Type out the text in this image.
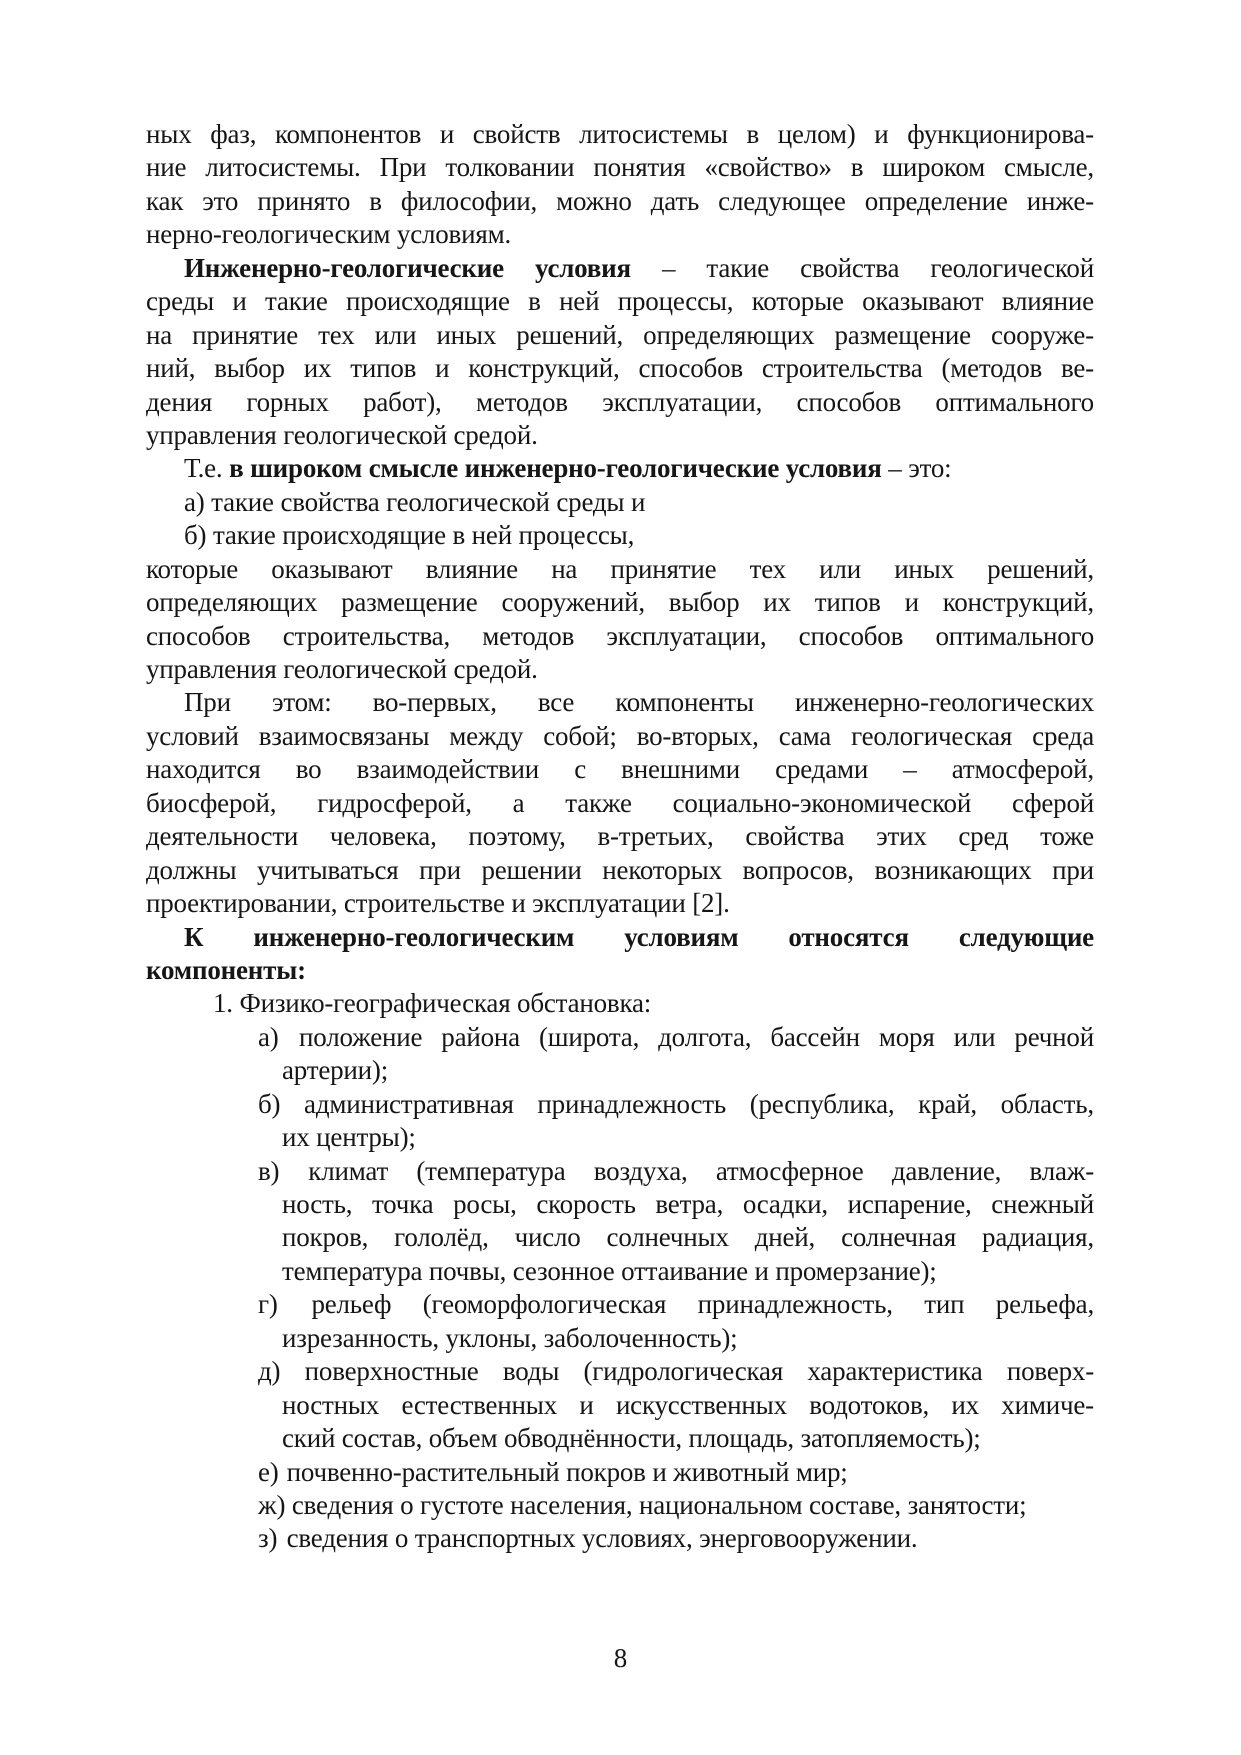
ных фаз, компонентов и свойств литосистемы в целом) и функционирова-
ние литосистемы. При толковании понятия «свойство» в широком смысле,
как это принято в философии, можно дать следующее определение инже-
нерно-геологическим условиям.
Инженерно-геологические условия – такие свойства геологической
среды и такие происходящие в ней процессы, которые оказывают влияние
на принятие тех или иных решений, определяющих размещение сооруже-
ний, выбор их типов и конструкций, способов строительства (методов ве-
дения горных работ), методов эксплуатации, способов оптимального
управления геологической средой.
Т.е. в широком смысле инженерно-геологические условия – это:
а) такие свойства геологической среды и
б) такие происходящие в ней процессы,
которые оказывают влияние на принятие тех или иных решений,
определяющих размещение сооружений, выбор их типов и конструкций,
способов строительства, методов эксплуатации, способов оптимального
управления геологической средой.
При этом: во-первых, все компоненты инженерно-геологических
условий взаимосвязаны между собой; во-вторых, сама геологическая среда
находится во взаимодействии с внешними средами – атмосферой,
биосферой, гидросферой, а также социально-экономической сферой
деятельности человека, поэтому, в-третьих, свойства этих сред тоже
должны учитываться при решении некоторых вопросов, возникающих при
проектировании, строительстве и эксплуатации [2].
К инженерно-геологическим условиям относятся следующие
компоненты:
1. Физико-географическая обстановка:
а) положение района (широта, долгота, бассейн моря или речной
артерии);
б) административная принадлежность (республика, край, область,
их центры);
в) климат (температура воздуха, атмосферное давление, влаж-
ность, точка росы, скорость ветра, осадки, испарение, снежный
покров, гололёд, число солнечных дней, солнечная радиация,
температура почвы, сезонное оттаивание и промерзание);
г) рельеф (геоморфологическая принадлежность, тип рельефа,
изрезанность, уклоны, заболоченность);
д) поверхностные воды (гидрологическая характеристика поверх-
ностных естественных и искусственных водотоков, их химиче-
ский состав, объем обводнённости, площадь, затопляемость);
е) почвенно-растительный покров и животный мир;
ж) сведения о густоте населения, национальном составе, занятости;
з) сведения о транспортных условиях, энерговооружении.
8
